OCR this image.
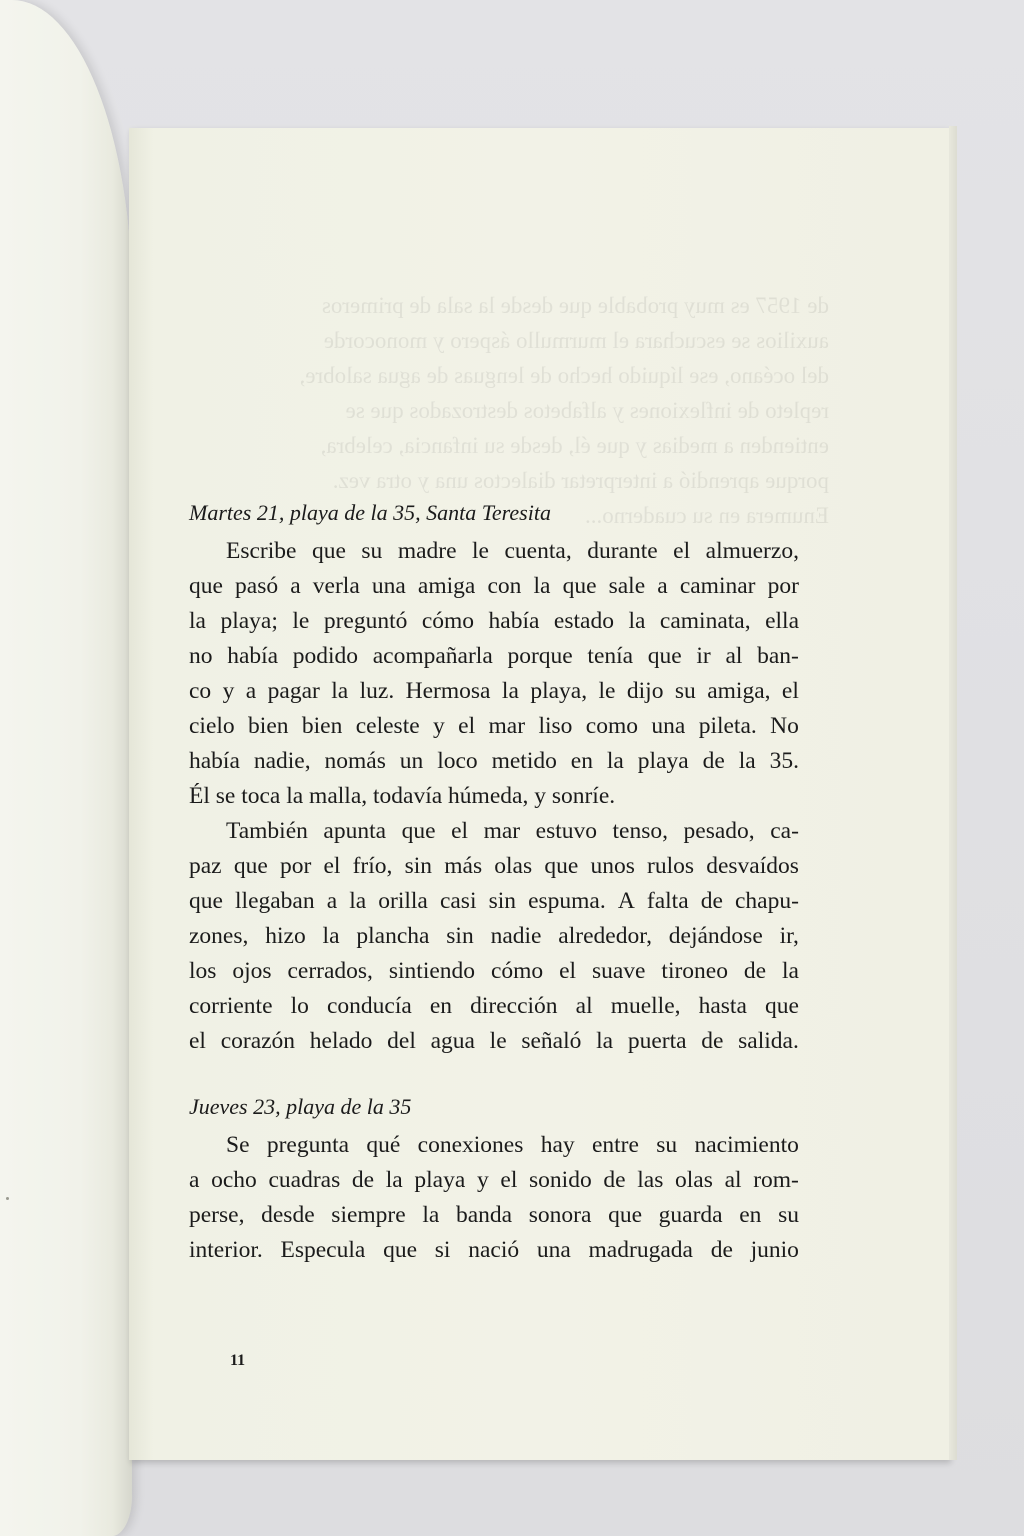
de 1957 es muy probable que desde la sala de primeros
auxilios se escuchara el murmullo áspero y monocorde
del océano, ese líquido hecho de lenguas de agua salobre,
repleto de inflexiones y alfabetos destrozados que se
entienden a medias y que él, desde su infancia, celebra,
porque aprendió a interpretar dialectos una y otra vez.
Enumera en su cuaderno...
Martes 21, playa de la 35, Santa Teresita
Escribe que su madre le cuenta, durante el almuerzo,
que pasó a verla una amiga con la que sale a caminar por
la playa; le preguntó cómo había estado la caminata, ella
no había podido acompañarla porque tenía que ir al ban-
co y a pagar la luz. Hermosa la playa, le dijo su amiga, el
cielo bien bien celeste y el mar liso como una pileta. No
había nadie, nomás un loco metido en la playa de la 35.
Él se toca la malla, todavía húmeda, y sonríe.
También apunta que el mar estuvo tenso, pesado, ca-
paz que por el frío, sin más olas que unos rulos desvaídos
que llegaban a la orilla casi sin espuma. A falta de chapu-
zones, hizo la plancha sin nadie alrededor, dejándose ir,
los ojos cerrados, sintiendo cómo el suave tironeo de la
corriente lo conducía en dirección al muelle, hasta que
el corazón helado del agua le señaló la puerta de salida.
Jueves 23, playa de la 35
Se pregunta qué conexiones hay entre su nacimiento
a ocho cuadras de la playa y el sonido de las olas al rom-
perse, desde siempre la banda sonora que guarda en su
interior. Especula que si nació una madrugada de junio
11
